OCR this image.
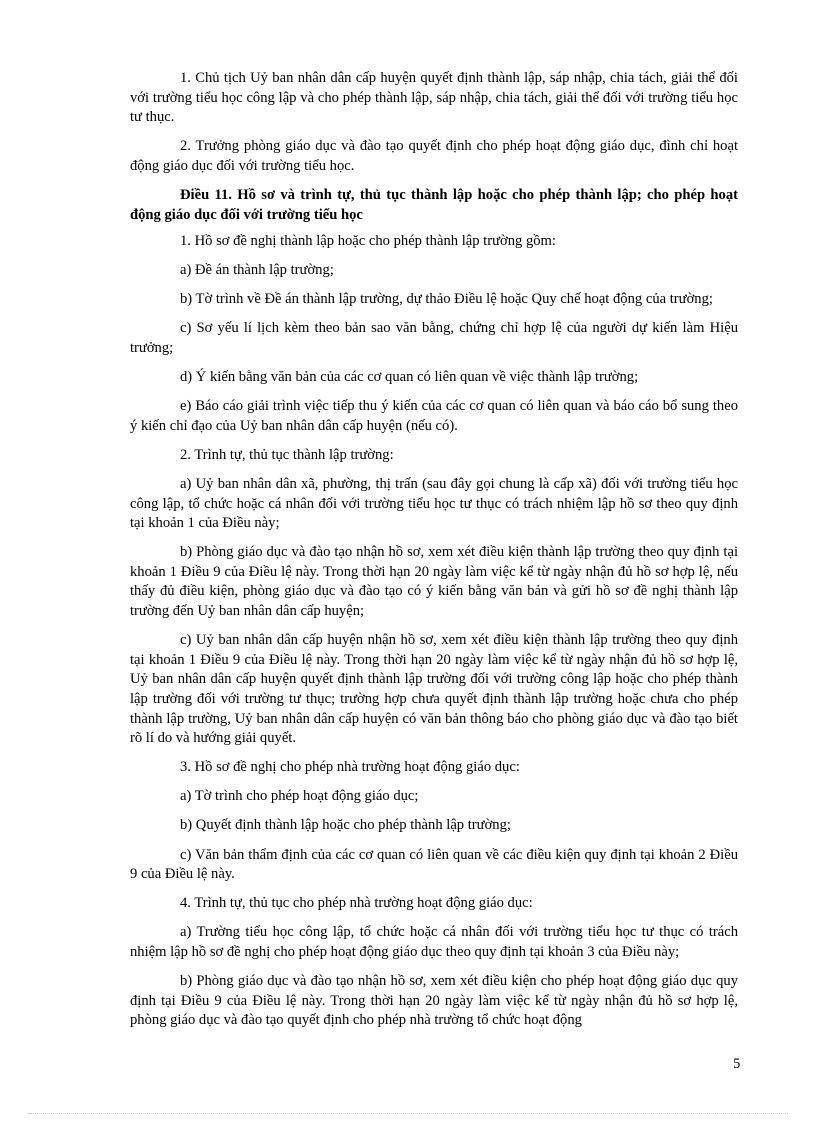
1. Chủ tịch Uỷ ban nhân dân cấp huyện quyết định thành lập, sáp nhập, chia tách, giải thể đối với trường tiểu học công lập và cho phép thành lập, sáp nhập, chia tách, giải thể đối với trường tiểu học tư thục.

2. Trưởng phòng giáo dục và đào tạo quyết định cho phép hoạt động giáo dục, đình chỉ hoạt động giáo dục đối với trường tiểu học.

Điều 11. Hồ sơ và trình tự, thủ tục thành lập hoặc cho phép thành lập; cho phép hoạt động giáo dục đối với trường tiểu học

1. Hồ sơ đề nghị thành lập hoặc cho phép thành lập trường gồm:

a) Đề án thành lập trường;

b) Tờ trình về Đề án thành lập trường, dự thảo Điều lệ hoặc Quy chế hoạt động của trường;

c) Sơ yếu lí lịch kèm theo bản sao văn bằng, chứng chỉ hợp lệ của người dự kiến làm Hiệu trưởng;

d) Ý kiến bằng văn bản của các cơ quan có liên quan về việc thành lập trường;

e) Báo cáo giải trình việc tiếp thu ý kiến của các cơ quan có liên quan và báo cáo bổ sung theo ý kiến chỉ đạo của Uỷ ban nhân dân cấp huyện (nếu có).

2. Trình tự, thủ tục thành lập trường:

a) Uỷ ban nhân dân xã, phường, thị trấn (sau đây gọi chung là cấp xã) đối với trường tiểu học công lập, tổ chức hoặc cá nhân đối với trường tiểu học tư thục có trách nhiệm lập hồ sơ theo quy định tại khoản 1 của Điều này;

b) Phòng giáo dục và đào tạo nhận hồ sơ, xem xét điều kiện thành lập trường theo quy định tại khoản 1 Điều 9 của Điều lệ này. Trong thời hạn 20 ngày làm việc kể từ ngày nhận đủ hồ sơ hợp lệ, nếu thấy đủ điều kiện, phòng giáo dục và đào tạo có ý kiến bằng văn bản và gửi hồ sơ đề nghị thành lập trường đến Uỷ ban nhân dân cấp huyện;

c) Uỷ ban nhân dân cấp huyện nhận hồ sơ, xem xét điều kiện thành lập trường theo quy định tại khoản 1 Điều 9 của Điều lệ này. Trong thời hạn 20 ngày làm việc kể từ ngày nhận đủ hồ sơ hợp lệ, Uỷ ban nhân dân cấp huyện quyết định thành lập trường đối với trường công lập hoặc cho phép thành lập trường đối với trường tư thục; trường hợp chưa quyết định thành lập trường hoặc chưa cho phép thành lập trường, Uỷ ban nhân dân cấp huyện có văn bản thông báo cho phòng giáo dục và đào tạo biết rõ lí do và hướng giải quyết.

3. Hồ sơ đề nghị cho phép nhà trường hoạt động giáo dục:

a) Tờ trình cho phép hoạt động giáo dục;

b) Quyết định thành lập hoặc cho phép thành lập trường;

c) Văn bản thẩm định của các cơ quan có liên quan về các điều kiện quy định tại khoản 2 Điều 9 của Điều lệ này.

4. Trình tự, thủ tục cho phép nhà trường hoạt động giáo dục:

a) Trường tiểu học công lập, tổ chức hoặc cá nhân đối với trường tiểu học tư thục có trách nhiệm lập hồ sơ đề nghị cho phép hoạt động giáo dục theo quy định tại khoản 3 của Điều này;

b) Phòng giáo dục và đào tạo nhận hồ sơ, xem xét điều kiện cho phép hoạt động giáo dục quy định tại Điều 9 của Điều lệ này. Trong thời hạn 20 ngày làm việc kể từ ngày nhận đủ hồ sơ hợp lệ, phòng giáo dục và đào tạo quyết định cho phép nhà trường tổ chức hoạt động

5
